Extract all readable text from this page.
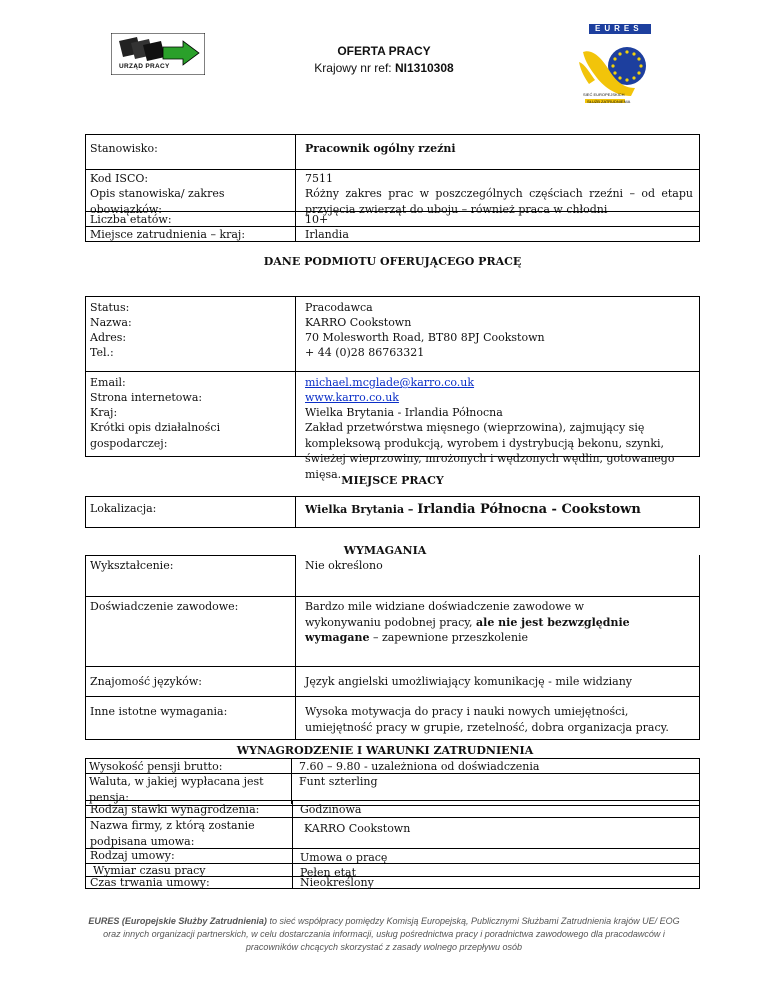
URZĄD PRACY
OFERTA PRACY
Krajowy nr ref: NI1310308
EURES
SIEĆ EUROPEJSKICH
SŁUŻB ZATRUDNIENIA
Stanowisko:	Pracownik ogólny rzeźni
Kod ISCO:	7511
Opis stanowiska/ zakres obowiązków:
Różny zakres prac w poszczególnych częściach rzeźni – od etapu przyjęcia zwierząt do uboju – również praca w chłodni
Liczba etatów:	10+
Miejsce zatrudnienia – kraj:	Irlandia
DANE PODMIOTU OFERUJĄCEGO PRACĘ
Status:	Pracodawca
Nazwa:	KARRO Cookstown
Adres:	70 Molesworth Road, BT80 8PJ Cookstown
Tel.:	+ 44 (0)28 86763321
Email:	michael.mcglade@karro.co.uk
Strona internetowa:	www.karro.co.uk
Kraj:	Wielka Brytania - Irlandia Północna
Krótki opis działalności gospodarczej:
Zakład przetwórstwa mięsnego (wieprzowina), zajmujący się kompleksową produkcją, wyrobem i dystrybucją bekonu, szynki, świeżej wieprzowiny, mrożonych i wędzonych wędlin, gotowanego mięsa. MIEJSCE PRACY
Lokalizacja:	Wielka Brytania – Irlandia Północna - Cookstown
WYMAGANIA
Wykształcenie:	Nie określono
Doświadczenie zawodowe:	Bardzo mile widziane doświadczenie zawodowe w wykonywaniu podobnej pracy, ale nie jest bezwzględnie wymagane – zapewnione przeszkolenie
Znajomość języków:	Język angielski umożliwiający komunikację - mile widziany
Inne istotne wymagania:	Wysoka motywacja do pracy i nauki nowych umiejętności, umiejętność pracy w grupie, rzetelność, dobra organizacja pracy.
WYNAGRODZENIE I WARUNKI ZATRUDNIENIA
Wysokość pensji brutto:	7.60 – 9.80 - uzależniona od doświadczenia
Waluta, w jakiej wypłacana jest pensja:
Funt szterling
Rodzaj stawki wynagrodzenia:	Godzinowa
Nazwa firmy, z którą zostanie podpisana umowa:
KARRO Cookstown
Rodzaj umowy:	Umowa o pracę
Wymiar czasu pracy	Pełen etat
Czas trwania umowy:	Nieokreślony
EURES (Europejskie Służby Zatrudnienia) to sieć współpracy pomiędzy Komisją Europejską, Publicznymi Służbami Zatrudnienia krajów UE/ EOG
oraz innych organizacji partnerskich, w celu dostarczania informacji, usług pośrednictwa pracy i poradnictwa zawodowego dla pracodawców i
pracowników chcących skorzystać z zasady wolnego przepływu osób
